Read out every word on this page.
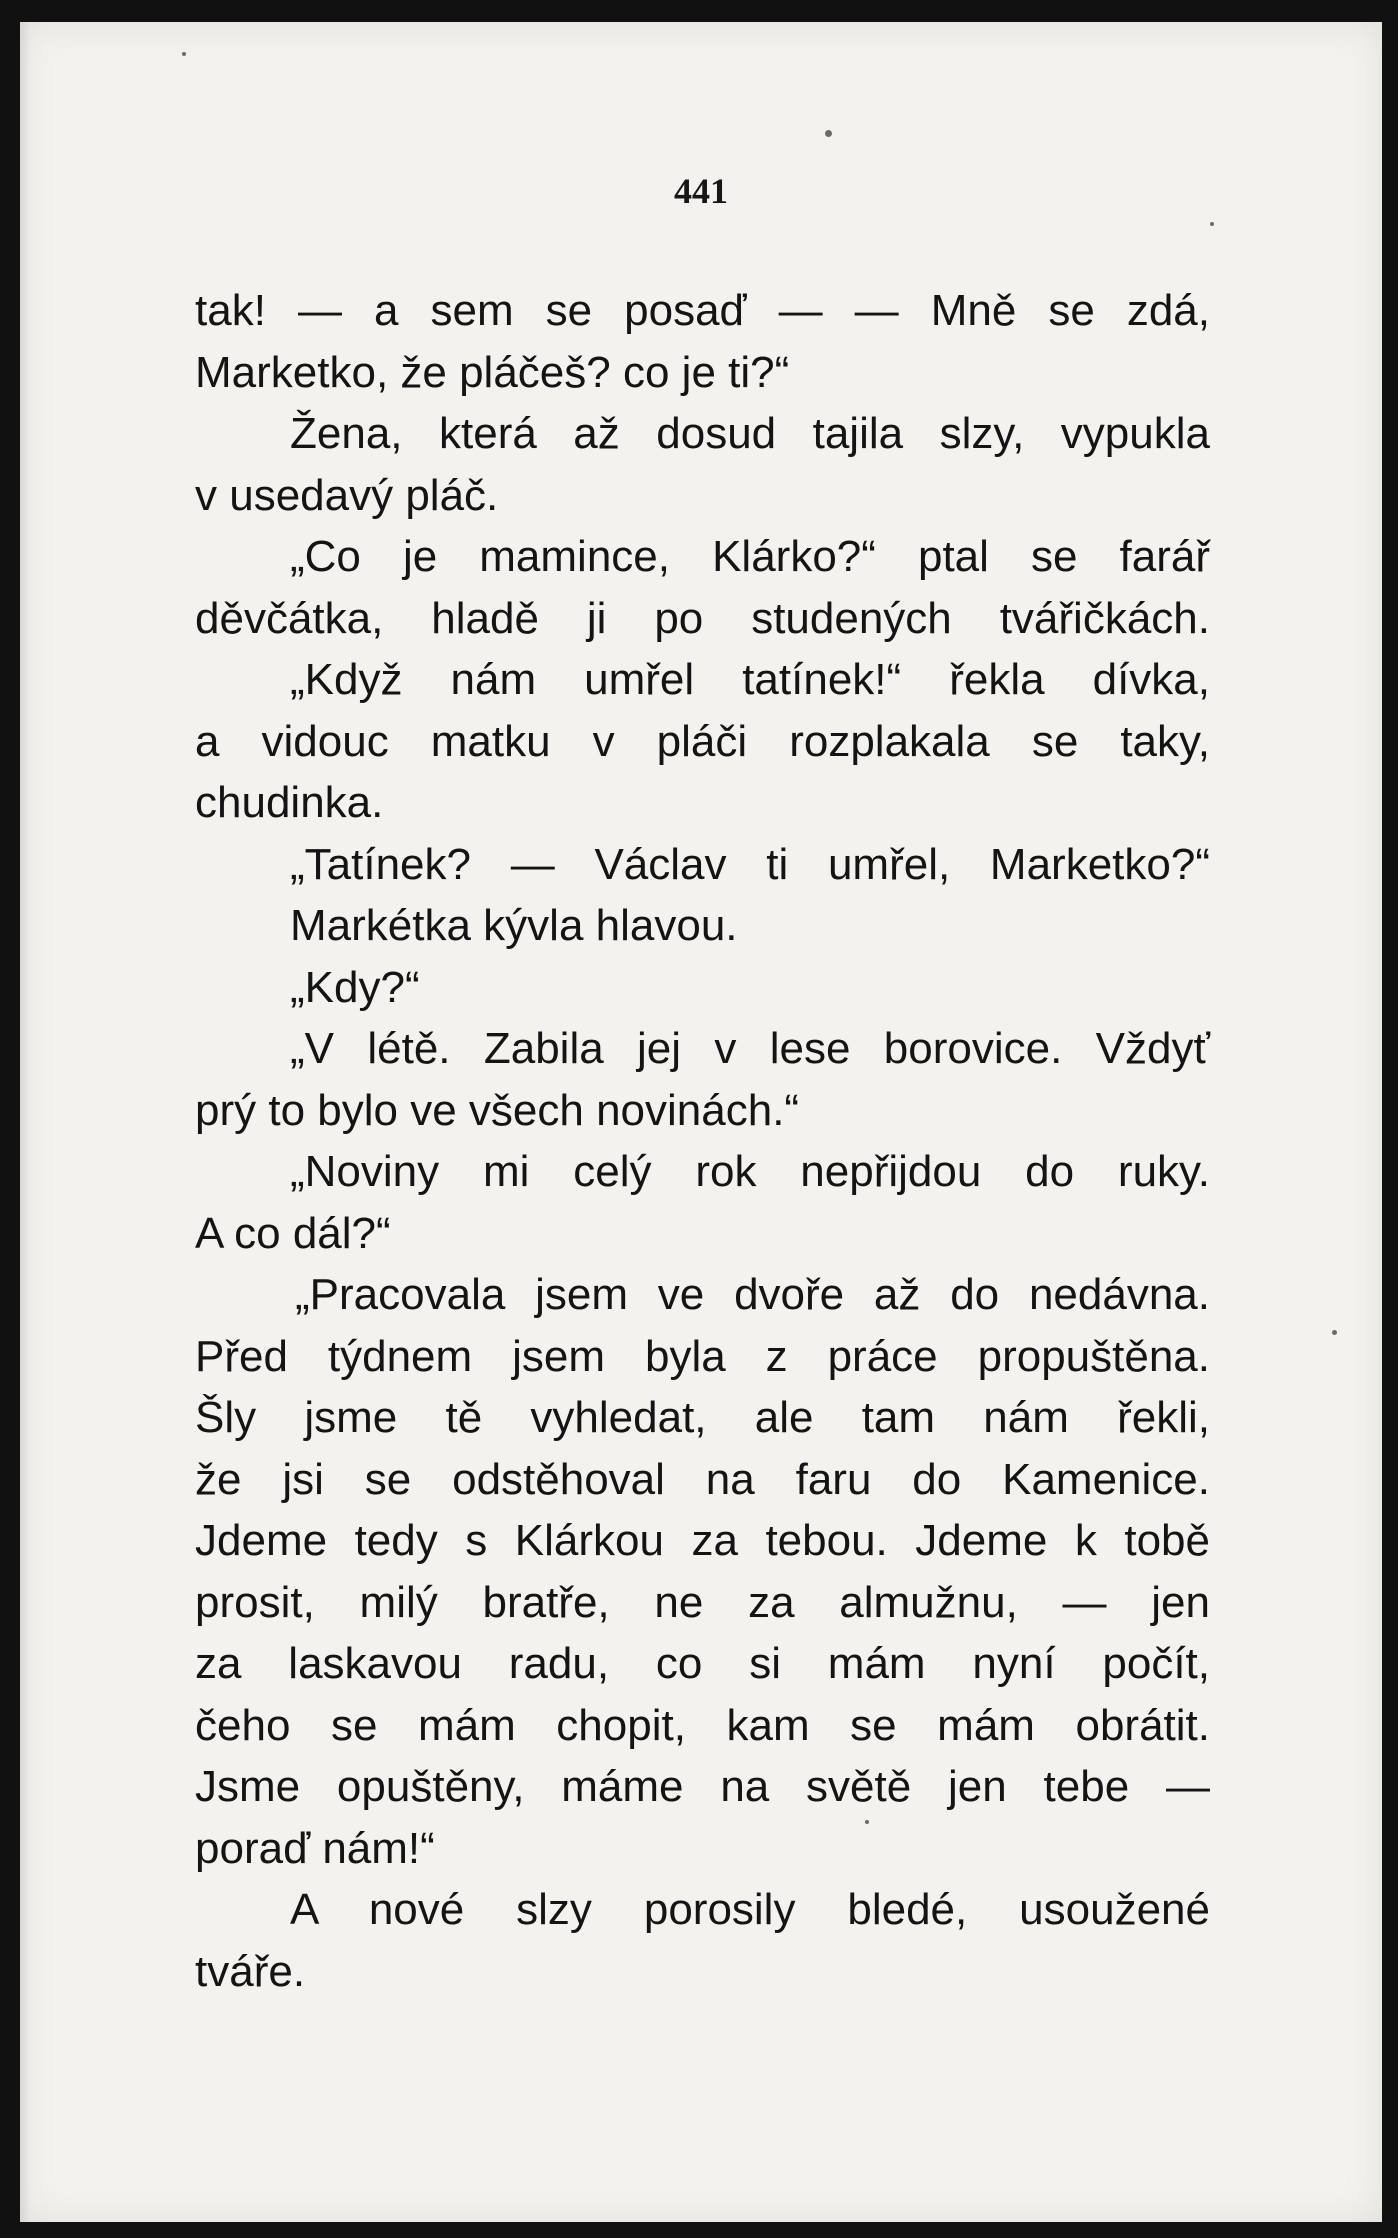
441
tak! — a sem se posaď — — Mně se zdá,
Marketko, že pláčeš? co je ti?“
Žena, která až dosud tajila slzy, vypukla
v usedavý pláč.
„Co je mamince, Klárko?“ ptal se farář
děvčátka, hladě ji po studených tvářičkách.
„Když nám umřel tatínek!“ řekla dívka,
a vidouc matku v pláči rozplakala se taky,
chudinka.
„Tatínek? — Václav ti umřel, Marketko?“
Markétka kývla hlavou.
„Kdy?“
„V létě. Zabila jej v lese borovice. Vždyť
prý to bylo ve všech novinách.“
„Noviny mi celý rok nepřijdou do ruky.
A co dál?“
„Pracovala jsem ve dvoře až do nedávna.
Před týdnem jsem byla z práce propuštěna.
Šly jsme tě vyhledat, ale tam nám řekli,
že jsi se odstěhoval na faru do Kamenice.
Jdeme tedy s Klárkou za tebou. Jdeme k tobě
prosit, milý bratře, ne za almužnu, — jen
za laskavou radu, co si mám nyní počít,
čeho se mám chopit, kam se mám obrátit.
Jsme opuštěny, máme na světě jen tebe —
poraď nám!“
A nové slzy porosily bledé, usoužené
tváře.
